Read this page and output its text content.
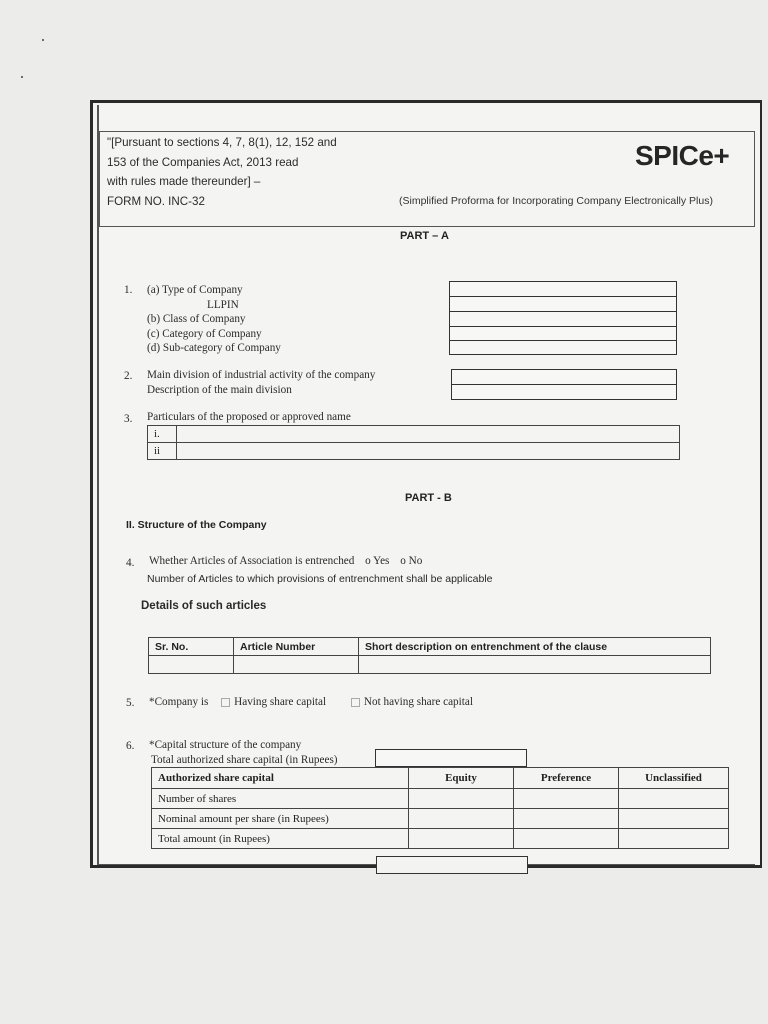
"[Pursuant to sections 4, 7, 8(1), 12, 152 and
153 of the Companies Act, 2013 read
with rules made thereunder] –
FORM NO. INC-32
SPICe+
(Simplified Proforma for Incorporating Company Electronically Plus)
PART – A
1. (a) Type of Company
LLPIN
(b) Class of Company
(c) Category of Company
(d) Sub-category of Company
2. Main division of industrial activity of the company
Description of the main division
3. Particulars of the proposed or approved name
i.	
ii	
PART - B
II. Structure of the Company
4. Whether Articles of Association is entrenched o Yes o No
Number of Articles to which provisions of entrenchment shall be applicable
Details of such articles
Sr. No.	Article Number	Short description on entrenchment of the clause

5. *Company is Having share capital	Not having share capital
6. *Capital structure of the company
Total authorized share capital (in Rupees)
Authorized share capital	Equity	Preference	Unclassified
Number of shares			
Nominal amount per share (in Rupees)			
Total amount (in Rupees)			
